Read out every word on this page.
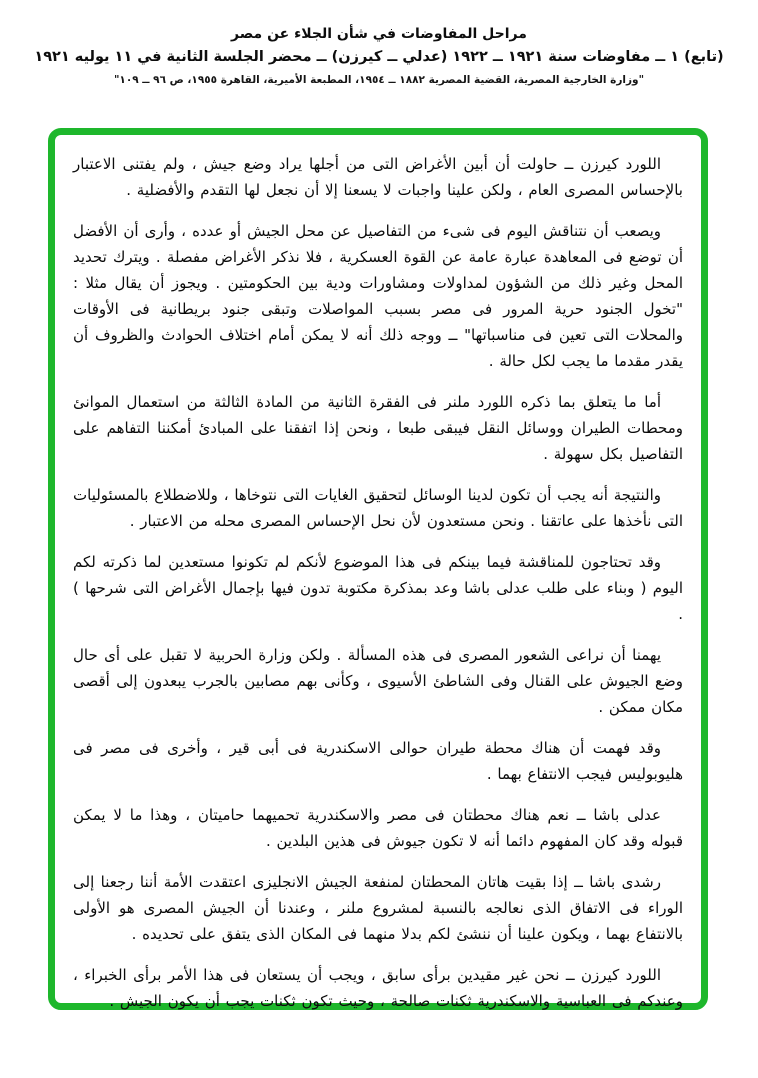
مراحل المفاوضات في شأن الجلاء عن مصر
(تابع) ١ ــ مفاوضات سنة ١٩٢١ ــ ١٩٢٢ (عدلي ــ كيرزن) ــ محضر الجلسة الثانية في ١١ يوليه ١٩٢١
"وزارة الخارجية المصرية، القضية المصرية ١٨٨٢ ــ ١٩٥٤، المطبعة الأميرية، القاهرة ١٩٥٥، ص ٩٦ ــ ١٠٩"

اللورد كيرزن ــ حاولت أن أبين الأغراض التى من أجلها يراد وضع جيش ، ولم يفتنى الاعتبار بالإحساس المصرى العام ، ولكن علينا واجبات لا يسعنا إلا أن نجعل لها التقدم والأفضلية .

ويصعب أن نتناقش اليوم فى شىء من التفاصيل عن محل الجيش أو عدده ، وأرى أن الأفضل أن توضع فى المعاهدة عبارة عامة عن القوة العسكرية ، فلا نذكر الأغراض مفصلة . ويترك تحديد المحل وغير ذلك من الشؤون لمداولات ومشاورات ودية بين الحكومتين . ويجوز أن يقال مثلا : "تخول الجنود حرية المرور فى مصر بسبب المواصلات وتبقى جنود بريطانية فى الأوقات والمحلات التى تعين فى مناسباتها" ــ ووجه ذلك أنه لا يمكن أمام اختلاف الحوادث والظروف أن يقدر مقدما ما يجب لكل حالة .

أما ما يتعلق بما ذكره اللورد ملنر فى الفقرة الثانية من المادة الثالثة من استعمال الموانئ ومحطات الطيران ووسائل النقل فيبقى طبعا ، ونحن إذا اتفقنا على المبادئ أمكننا التفاهم على التفاصيل بكل سهولة .

والنتيجة أنه يجب أن تكون لدينا الوسائل لتحقيق الغايات التى نتوخاها ، وللاضطلاع بالمسئوليات التى نأخذها على عاتقنا . ونحن مستعدون لأن نحل الإحساس المصرى محله من الاعتبار .

وقد تحتاجون للمناقشة فيما بينكم فى هذا الموضوع لأنكم لم تكونوا مستعدين لما ذكرته لكم اليوم ( وبناء على طلب عدلى باشا وعد بمذكرة مكتوبة تدون فيها بإجمال الأغراض التى شرحها ) .

يهمنا أن نراعى الشعور المصرى فى هذه المسألة . ولكن وزارة الحربية لا تقبل على أى حال وضع الجيوش على القنال وفى الشاطئ الأسيوى ، وكأنى بهم مصابين بالجرب يبعدون إلى أقصى مكان ممكن .

وقد فهمت أن هناك محطة طيران حوالى الاسكندرية فى أبى قير ، وأخرى فى مصر فى هليوبوليس فيجب الانتفاع بهما .

عدلى باشا ــ نعم هناك محطتان فى مصر والاسكندرية تحميهما حاميتان ، وهذا ما لا يمكن قبوله وقد كان المفهوم دائما أنه لا تكون جيوش فى هذين البلدين .

رشدى باشا ــ إذا بقيت هاتان المحطتان لمنفعة الجيش الانجليزى اعتقدت الأمة أننا رجعنا إلى الوراء فى الاتفاق الذى نعالجه بالنسبة لمشروع ملنر ، وعندنا أن الجيش المصرى هو الأولى بالانتفاع بهما ، ويكون علينا أن ننشئ لكم بدلا منهما فى المكان الذى يتفق على تحديده .

اللورد كيرزن ــ نحن غير مقيدين برأى سابق ، ويجب أن يستعان فى هذا الأمر برأى الخبراء ، وعندكم فى العباسية والاسكندرية ثكنات صالحة ، وحيث تكون ثكنات يجب أن يكون الجيش .
